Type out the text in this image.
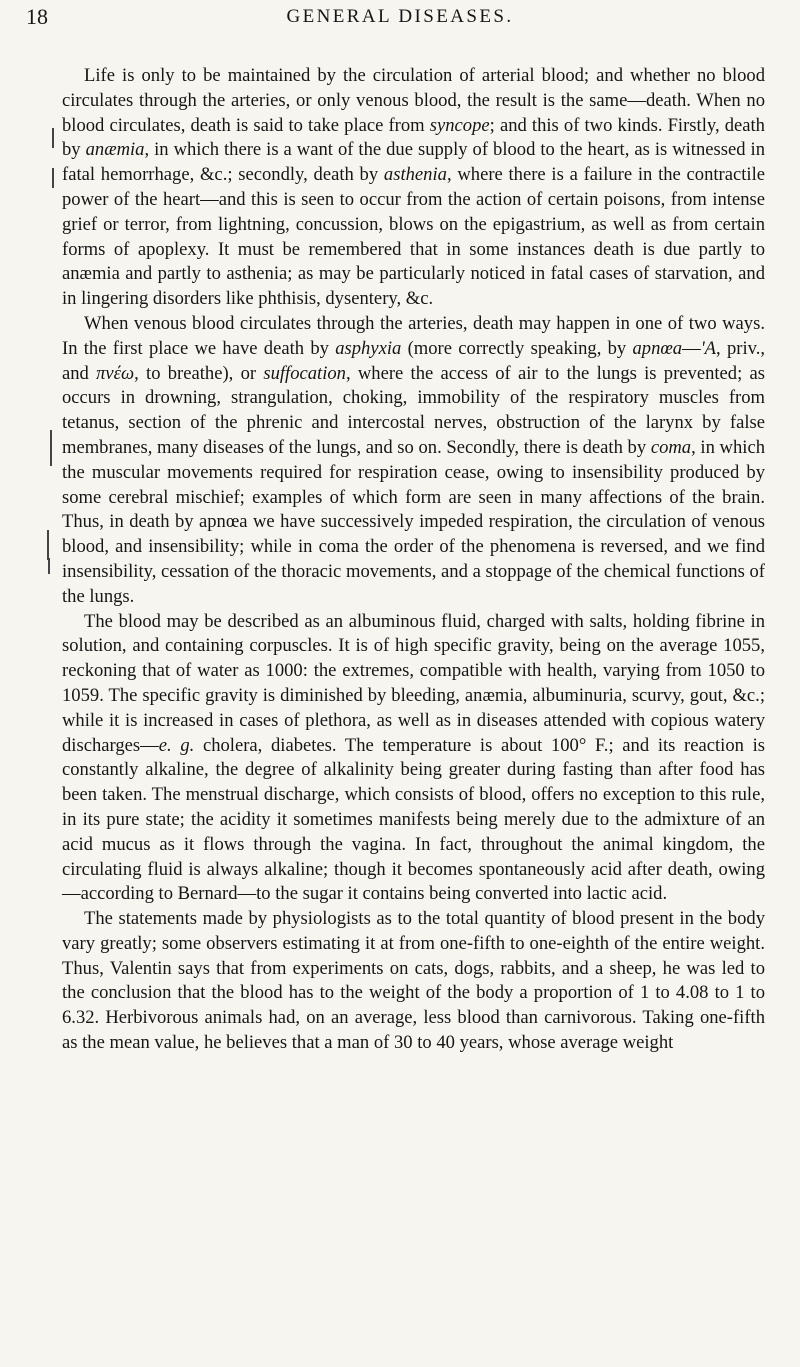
18	GENERAL DISEASES.

Life is only to be maintained by the circulation of arterial blood; and whether no blood circulates through the arteries, or only venous blood, the result is the same—death. When no blood circulates, death is said to take place from syncope; and this of two kinds. Firstly, death by anæmia, in which there is a want of the due supply of blood to the heart, as is witnessed in fatal hemorrhage, &c.; secondly, death by asthenia, where there is a failure in the contractile power of the heart—and this is seen to occur from the action of certain poisons, from intense grief or terror, from lightning, concussion, blows on the epigastrium, as well as from certain forms of apoplexy. It must be remembered that in some instances death is due partly to anæmia and partly to asthenia; as may be particularly noticed in fatal cases of starvation, and in lingering disorders like phthisis, dysentery, &c.

When venous blood circulates through the arteries, death may happen in one of two ways. In the first place we have death by asphyxia (more correctly speaking, by apnœa—'A, priv., and πνέω, to breathe), or suffocation, where the access of air to the lungs is prevented; as occurs in drowning, strangulation, choking, immobility of the respiratory muscles from tetanus, section of the phrenic and intercostal nerves, obstruction of the larynx by false membranes, many diseases of the lungs, and so on. Secondly, there is death by coma, in which the muscular movements required for respiration cease, owing to insensibility produced by some cerebral mischief; examples of which form are seen in many affections of the brain. Thus, in death by apnœa we have successively impeded respiration, the circulation of venous blood, and insensibility; while in coma the order of the phenomena is reversed, and we find insensibility, cessation of the thoracic movements, and a stoppage of the chemical functions of the lungs.

The blood may be described as an albuminous fluid, charged with salts, holding fibrine in solution, and containing corpuscles. It is of high specific gravity, being on the average 1055, reckoning that of water as 1000: the extremes, compatible with health, varying from 1050 to 1059. The specific gravity is diminished by bleeding, anæmia, albuminuria, scurvy, gout, &c.; while it is increased in cases of plethora, as well as in diseases attended with copious watery discharges—e. g. cholera, diabetes. The temperature is about 100° F.; and its reaction is constantly alkaline, the degree of alkalinity being greater during fasting than after food has been taken. The menstrual discharge, which consists of blood, offers no exception to this rule, in its pure state; the acidity it sometimes manifests being merely due to the admixture of an acid mucus as it flows through the vagina. In fact, throughout the animal kingdom, the circulating fluid is always alkaline; though it becomes spontaneously acid after death, owing—according to Bernard—to the sugar it contains being converted into lactic acid.

The statements made by physiologists as to the total quantity of blood present in the body vary greatly; some observers estimating it at from one-fifth to one-eighth of the entire weight. Thus, Valentin says that from experiments on cats, dogs, rabbits, and a sheep, he was led to the conclusion that the blood has to the weight of the body a proportion of 1 to 4.08 to 1 to 6.32. Herbivorous animals had, on an average, less blood than carnivorous. Taking one-fifth as the mean value, he believes that a man of 30 to 40 years, whose average weight
